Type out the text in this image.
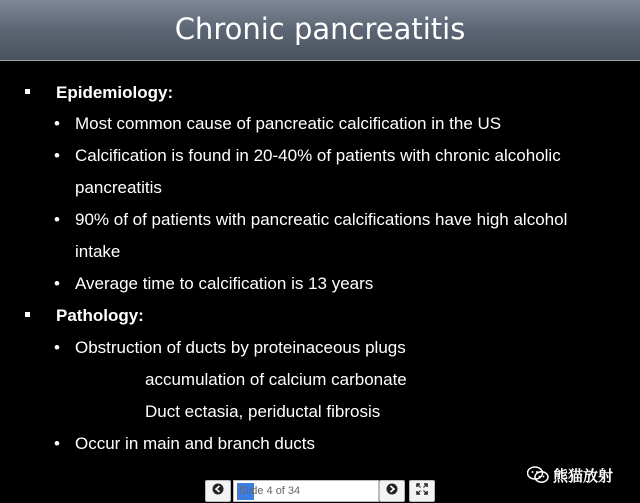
Chronic pancreatitis
Epidemiology:
• Most common cause of pancreatic calcification in the US
• Calcification is found in 20-40% of patients with chronic alcoholic
pancreatitis
• 90% of of patients with pancreatic calcifications have high alcohol
intake
• Average time to calcification is 13 years
Pathology:
• Obstruction of ducts by proteinaceous plugs
accumulation of calcium carbonate
Duct ectasia, periductal fibrosis
• Occur in main and branch ducts
熊猫放射
Slide 4 of 34
